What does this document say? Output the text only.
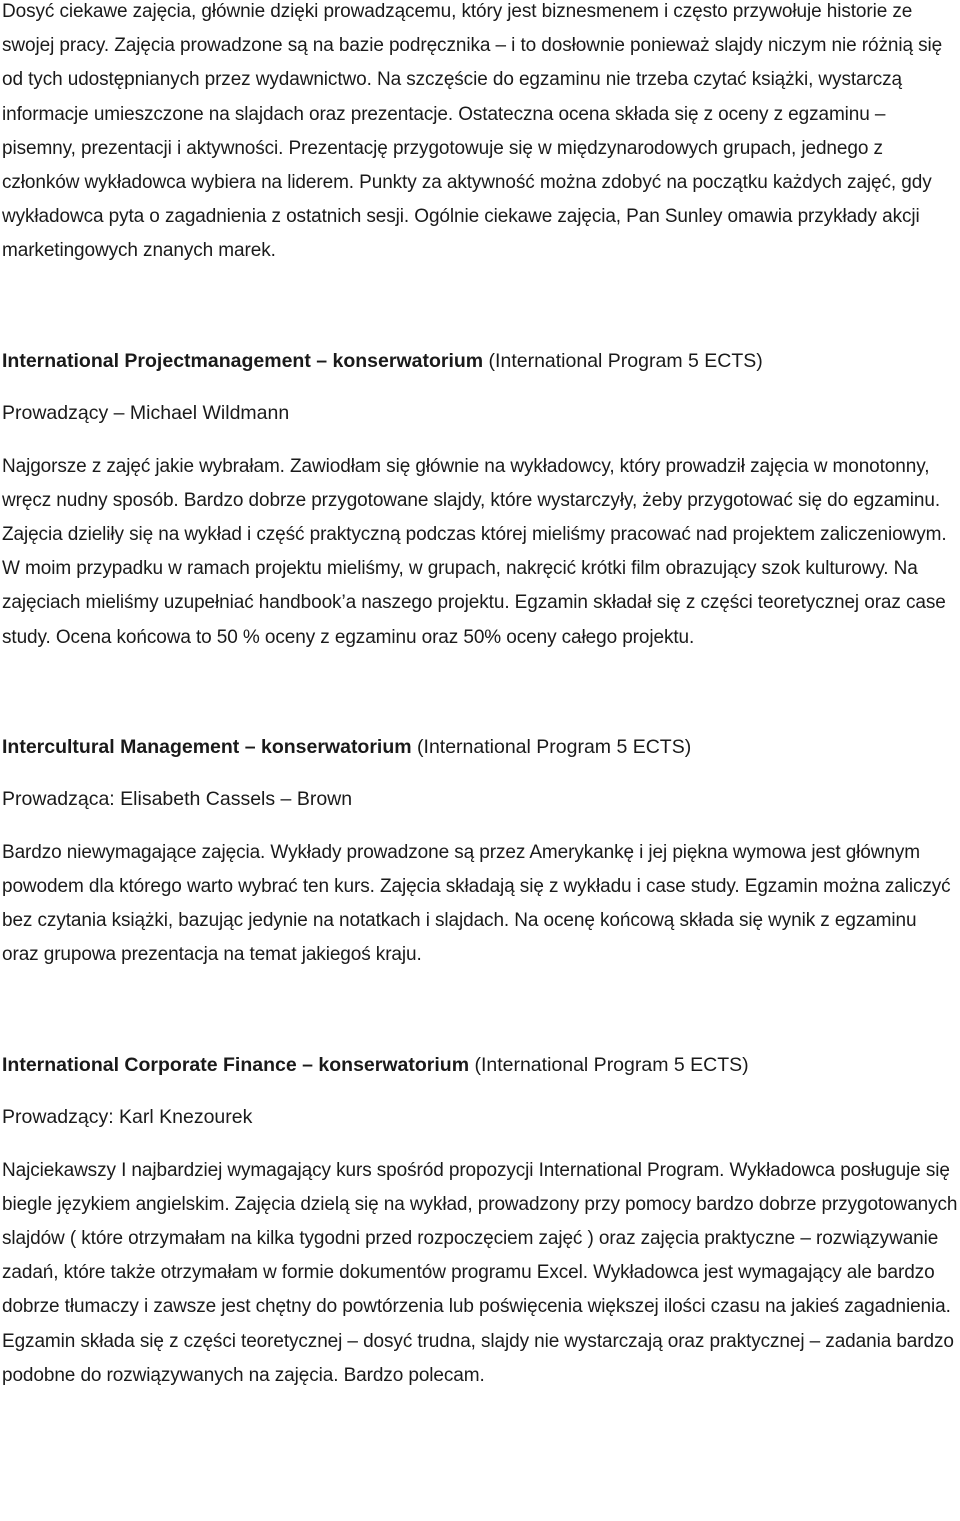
Dosyć ciekawe zajęcia, głównie dzięki prowadzącemu, który jest biznesmenem i często przywołuje historie ze swojej pracy. Zajęcia prowadzone są na bazie podręcznika – i to dosłownie ponieważ slajdy niczym nie różnią się od tych udostępnianych przez wydawnictwo. Na szczęście do egzaminu nie trzeba czytać książki, wystarczą informacje umieszczone na slajdach oraz prezentacje. Ostateczna ocena składa się z oceny z egzaminu – pisemny, prezentacji i aktywności. Prezentację przygotowuje się w międzynarodowych grupach, jednego z członków wykładowca wybiera na liderem. Punkty za aktywność można zdobyć na początku każdych zajęć, gdy wykładowca pyta o zagadnienia z ostatnich sesji. Ogólnie ciekawe zajęcia, Pan Sunley omawia przykłady akcji marketingowych znanych marek.

International Projectmanagement – konserwatorium (International Program 5 ECTS)

Prowadzący – Michael Wildmann

Najgorsze z zajęć jakie wybrałam. Zawiodłam się głównie na wykładowcy, który prowadził zajęcia w monotonny, wręcz nudny sposób. Bardzo dobrze przygotowane slajdy, które wystarczyły, żeby przygotować się do egzaminu. Zajęcia dzieliły się na wykład i część praktyczną podczas której mieliśmy pracować nad projektem zaliczeniowym. W moim przypadku w ramach projektu mieliśmy, w grupach, nakręcić krótki film obrazujący szok kulturowy. Na zajęciach mieliśmy uzupełniać handbook’a naszego projektu. Egzamin składał się z części teoretycznej oraz case study. Ocena końcowa to 50 % oceny z egzaminu oraz 50% oceny całego projektu.

Intercultural Management – konserwatorium (International Program 5 ECTS)

Prowadząca: Elisabeth Cassels – Brown

Bardzo niewymagające zajęcia. Wykłady prowadzone są przez Amerykankę i jej piękna wymowa jest głównym powodem dla którego warto wybrać ten kurs. Zajęcia składają się z wykładu i case study. Egzamin można zaliczyć bez czytania książki, bazując jedynie na notatkach i slajdach. Na ocenę końcową składa się wynik z egzaminu oraz grupowa prezentacja na temat jakiegoś kraju.

International Corporate Finance – konserwatorium (International Program 5 ECTS)

Prowadzący: Karl Knezourek

Najciekawszy I najbardziej wymagający kurs spośród propozycji International Program. Wykładowca posługuje się biegle językiem angielskim. Zajęcia dzielą się na wykład, prowadzony przy pomocy bardzo dobrze przygotowanych slajdów ( które otrzymałam na kilka tygodni przed rozpoczęciem zajęć ) oraz zajęcia praktyczne – rozwiązywanie zadań, które także otrzymałam w formie dokumentów programu Excel. Wykładowca jest wymagający ale bardzo dobrze tłumaczy i zawsze jest chętny do powtórzenia lub poświęcenia większej ilości czasu na jakieś zagadnienia. Egzamin składa się z części teoretycznej – dosyć trudna, slajdy nie wystarczają oraz praktycznej – zadania bardzo podobne do rozwiązywanych na zajęcia. Bardzo polecam.
